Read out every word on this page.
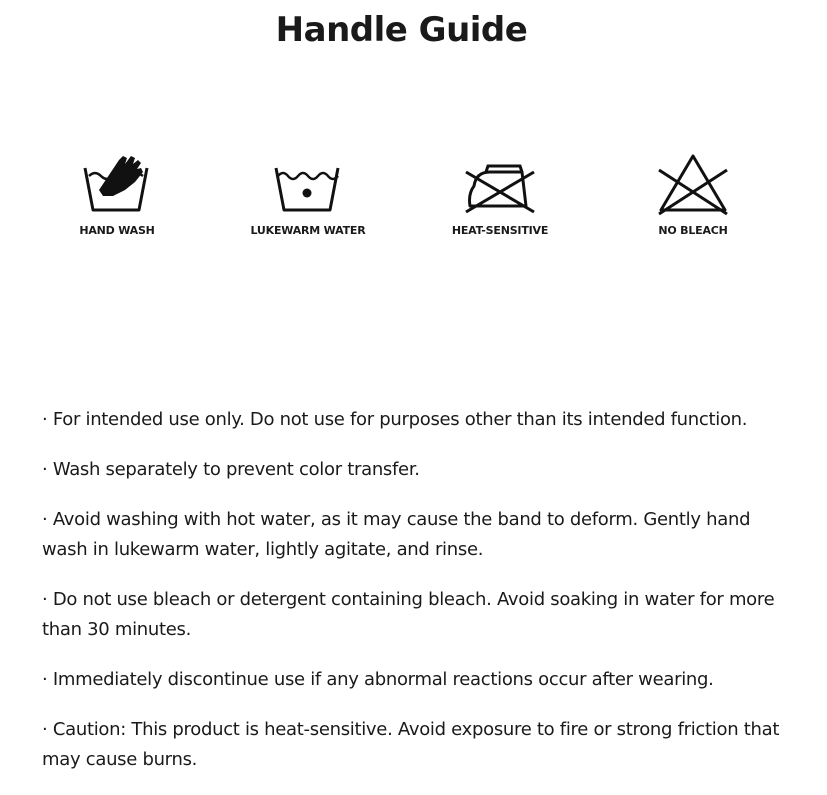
Handle Guide
HAND WASH	LUKEWARM WATER	HEAT-SENSITIVE	NO BLEACH
· For intended use only. Do not use for purposes other than its intended function.
· Wash separately to prevent color transfer.
· Avoid washing with hot water, as it may cause the band to deform. Gently hand wash in lukewarm water, lightly agitate, and rinse.
· Do not use bleach or detergent containing bleach. Avoid soaking in water for more than 30 minutes.
· Immediately discontinue use if any abnormal reactions occur after wearing.
· Caution: This product is heat-sensitive. Avoid exposure to fire or strong friction that may cause burns.
